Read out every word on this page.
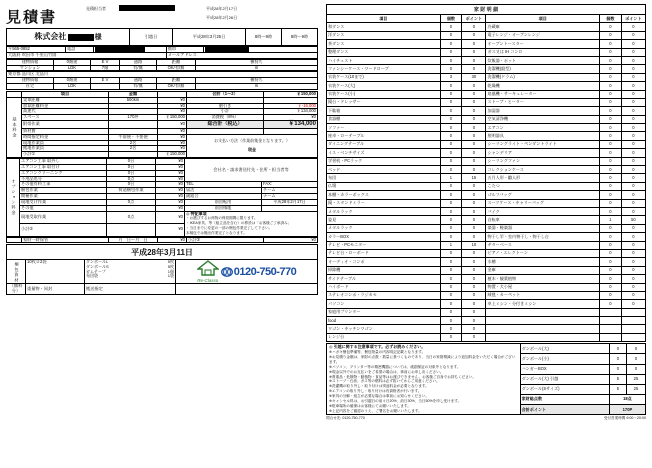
見積書
平成28年2月17日
見積担当者
平成28年2月26日
株式会社	様	引越日	平成28年3月25日	8時～9時	8時～9時
〒565-0852	電話		携帯	

大阪府 吹田市 千里山竹園			メールアドレス	
建物情報	0階建	E V	通路	距離	横持ち
マンション	LDK	7階	有/無	OK/有/無	m
東京都 品川区 北品川					
建物情報	0階建	E V	通路	距離	横持ち
社宅	LDK		有/無	OK/有/無	m
	項目	金額		合計（1～2）	￥150,000
基本料金	実車距離	500km	¥0		
	加算距離料金		¥0	値引き	￥-16,000
	高速代		¥0	小計	￥134,000
	スペース	170坪	￥150,000	消費税（8%）	¥0
	附帯作業		¥0	総合計（税込）	￥134,000
	資材費		¥0		
	時間指定料金	午前便・不要便	¥0	お支払い方法（作業前集金となります。）
現金	

	現地作業員	2名	¥0		
	搬地作業員	2名	¥0		
	小計①		￥150,000		
オプション料金	エアコン工事 取外し	0台	¥0	会社名・請求書送付先・住所・担当者等	
	エアコン工事 取付け	0台	¥0		
	エアコンクリーニング	0台	¥0		
	不用品処分	0点	¥0		
	その他有料工事	0台	¥0	TEL	FAX:
	梱包作業	荷造梱包作業	¥0	届活	チーム
	開梱作業		¥0	副組合	ナーム
	現地受け作業	0点	¥0	前回転用	平成28年2月17日
	その他		¥0	前回積地	
	現地受取作業	0点	¥0	◎ 特記事項
・お選びするお荷物の保管期間に限ります。
・IKEA家具、等（組立品を含む）の移設は「お客様ご了承済み」
・当日までに変更の一部の梱包作業完了して下さい。
本稿包では搬出作業完了となります。	

	小計②		¥0		
	家財一時保管	月　日～月　日	¥0	小計③	¥0
平成28年3月11日			
梱包資材	10枚ロ2袋	ダンボールL	5枚
ダンボールS	5枚
ガムテープ	1個
布団袋	1袋

Re-Classo
0120-750-770

（無料分）	重量物・同封	搬送指定	
家 財 明 細
項目	個数	ポイント	項目	個数	ポイント
和ダンス	0	0	冷蔵庫	0	0
洋ダンス	0	0	電子レンジ・オーブンレンジ	0	0
茶ダンス	0	0	オーブントースター	0	0
整理ダンス	0	0	ガス又は IH コンロ	0	0
ハイチェスト	0	0	炊飯器・ポット	0	0
ファンシーケース・ワードローブ	0	0	洗濯機(縦型)	0	0
衣装ケース(10まで)	3	30	洗濯機(ドラム)	0	0
衣装ケース(大)	0	0	乾燥機	0	0
衣装ケース(小)	0	0	扇風機・サーキュレーター	0	0
鏡台・ドレッサー	0	0	ストーブ・ヒーター	0	0
下駄箱	0	0	加湿器	0	0
食器棚	0	0	空気清浄機	0	0
ソファー	0	0	エアコン	0	0
座卓・ローテーブル	0	0	照明器具	0	0
ダイニングテーブル	0	0	シーリングライト・ペンダントライト	0	0
イス・ベンチサイズ	0	0	シャンデリア	0	0
学習机・PCラック	0	0	シーリングファン	0	0
ベッド	0	0	コレクションケース	0	0
布団	1	15	五月人形・雛人形	0	0
仏壇	0	0	こたつ	0	0
本棚・カラーボックス	0	0	ゴルフバッグ	0	0
鏡・スタンドミラー	0	0	スーツケース・キャリーバッグ	0	0
メタルラック	0	0	バイク	0	0
姿見	0	0	自転車	1	50
メタルラック	0	0	楽器・軽楽器	0	0
カラーBOX	0	0	物干し竿・室内物干し・物干し台	0	0
テレビ・PCモニター	1	10	ギターベース	0	0
テレビ台・ローボード	0	0	ピアノ・エレクトーン	0	0
オーディオ・コンポ	0	0	水槽	0	0
掃除機	0	0	金庫	0	0
サイドテーブル	0	0	植木・観葉植物	0	0
ハイボード	0	0	物置・犬小屋	0	0
ステレオコンポ・ラジカセ	0	0	絨毯・カーペット	0	0
パソコン	0	0	卓上ミシン・分付きミシン	0	0
家庭用プリンター	0	0			
food	0	0			
ワゴン・キッチンワゴン	0	0			
レンジ台	0	0			
◎ 引越に関する注意事項です。必ずお読みください。
※ハガキ梱包準備等、梱包物量の内容明記記載となります。
※お見積り金額は、家財の点数・数量に基づくものであり、当日の家財増減により追加料金をいただく場合がございます。
※パソコン、プリンター等の精密機器については、破損保証の対象外となります。
※現金以外でのお支払いをご希望の場合は、事前にお申し出ください。
※貴重品・危険物・動植物・食品等はお運びできません。お客様ご自身でお持ちください。
※ストーブ・石油、ガス等の燃料は必ず抜いてからご用意ください。
※洗濯機の取り外し・取り付けは別途料金が必要となります。
※エアコンの取り外し・取り付けは有資格者が行います。
※家具の分解・組立が必要な場合は事前にお知らせください。
※キャンセル料は、お引越日の前々日20%、前日30%、当日50%を申し受けます。
※駐車場所の確保はお客様にてお願いいたします。
※上記内容をご確認のうえ、ご署名をお願いいたします。
	ダンボール(大)	0	0
	ダンボール(小)	0	0
	ハンガーBOX	0	0
	ダンボール(大) 引越	5	25
	ダンボール(Sサイズ)	5	25
	家財総点数	18点	
	合計ポイント	170P	
問合せ先: 0120-750-770	受付営業時間 9:00～20:00
